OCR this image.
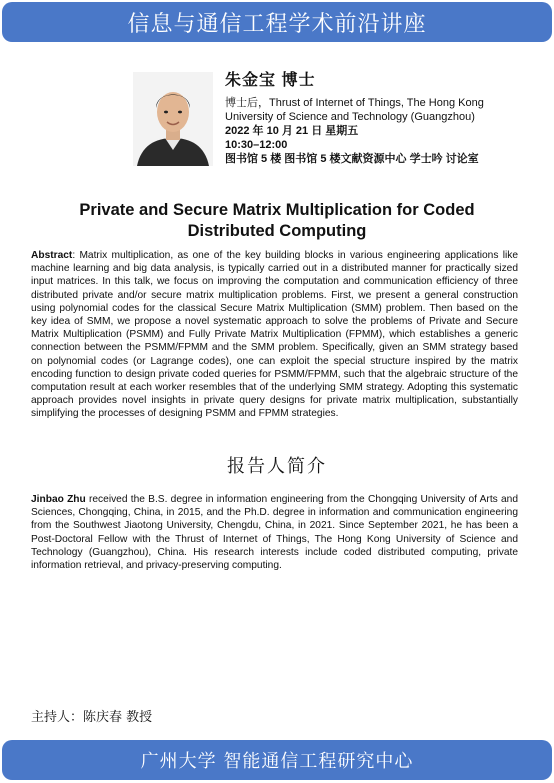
信息与通信工程学术前沿讲座
朱金宝 博士

博士后，Thrust of Internet of Things, The Hong Kong University of Science and Technology (Guangzhou)

2022 年 10 月 21 日 星期五

10:30–12:00

图书馆 5 楼 图书馆 5 楼文献资源中心 学士吟 讨论室

Private and Secure Matrix Multiplication for Coded Distributed Computing

Abstract: Matrix multiplication, as one of the key building blocks in various engineering applications like machine learning and big data analysis, is typically carried out in a distributed manner for practically sized input matrices. In this talk, we focus on improving the computation and communication efficiency of three distributed private and/or secure matrix multiplication problems. First, we present a general construction using polynomial codes for the classical Secure Matrix Multiplication (SMM) problem. Then based on the key idea of SMM, we propose a novel systematic approach to solve the problems of Private and Secure Matrix Multiplication (PSMM) and Fully Private Matrix Multiplication (FPMM), which establishes a generic connection between the PSMM/FPMM and the SMM problem. Specifically, given an SMM strategy based on polynomial codes (or Lagrange codes), one can exploit the special structure inspired by the matrix encoding function to design private coded queries for PSMM/FPMM, such that the algebraic structure of the computation result at each worker resembles that of the underlying SMM strategy. Adopting this systematic approach provides novel insights in private query designs for private matrix multiplication, substantially simplifying the processes of designing PSMM and FPMM strategies.

报告人简介

Jinbao Zhu received the B.S. degree in information engineering from the Chongqing University of Arts and Sciences, Chongqing, China, in 2015, and the Ph.D. degree in information and communication engineering from the Southwest Jiaotong University, Chengdu, China, in 2021. Since September 2021, he has been a Post-Doctoral Fellow with the Thrust of Internet of Things, The Hong Kong University of Science and Technology (Guangzhou), China. His research interests include coded distributed computing, private information retrieval, and privacy-preserving computing.

主持人：陈庆春 教授
广州大学 智能通信工程研究中心
